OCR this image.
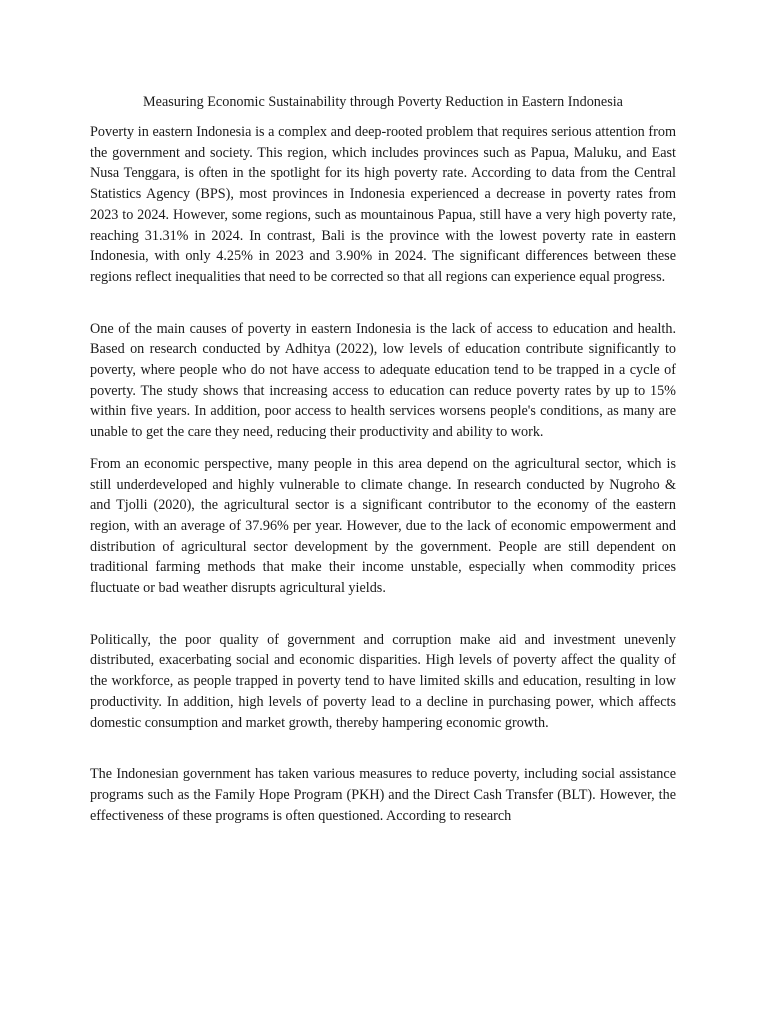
Measuring Economic Sustainability through Poverty Reduction in Eastern Indonesia

Poverty in eastern Indonesia is a complex and deep-rooted problem that requires serious attention from the government and society. This region, which includes provinces such as Papua, Maluku, and East Nusa Tenggara, is often in the spotlight for its high poverty rate. According to data from the Central Statistics Agency (BPS), most provinces in Indonesia experienced a decrease in poverty rates from 2023 to 2024. However, some regions, such as mountainous Papua, still have a very high poverty rate, reaching 31.31% in 2024. In contrast, Bali is the province with the lowest poverty rate in eastern Indonesia, with only 4.25% in 2023 and 3.90% in 2024. The significant differences between these regions reflect inequalities that need to be corrected so that all regions can experience equal progress.

One of the main causes of poverty in eastern Indonesia is the lack of access to education and health. Based on research conducted by Adhitya (2022), low levels of education contribute significantly to poverty, where people who do not have access to adequate education tend to be trapped in a cycle of poverty. The study shows that increasing access to education can reduce poverty rates by up to 15% within five years. In addition, poor access to health services worsens people's conditions, as many are unable to get the care they need, reducing their productivity and ability to work.

From an economic perspective, many people in this area depend on the agricultural sector, which is still underdeveloped and highly vulnerable to climate change. In research conducted by Nugroho & and Tjolli (2020), the agricultural sector is a significant contributor to the economy of the eastern region, with an average of 37.96% per year. However, due to the lack of economic empowerment and distribution of agricultural sector development by the government. People are still dependent on traditional farming methods that make their income unstable, especially when commodity prices fluctuate or bad weather disrupts agricultural yields.

Politically, the poor quality of government and corruption make aid and investment unevenly distributed, exacerbating social and economic disparities. High levels of poverty affect the quality of the workforce, as people trapped in poverty tend to have limited skills and education, resulting in low productivity. In addition, high levels of poverty lead to a decline in purchasing power, which affects domestic consumption and market growth, thereby hampering economic growth.

The Indonesian government has taken various measures to reduce poverty, including social assistance programs such as the Family Hope Program (PKH) and the Direct Cash Transfer (BLT). However, the effectiveness of these programs is often questioned. According to research
